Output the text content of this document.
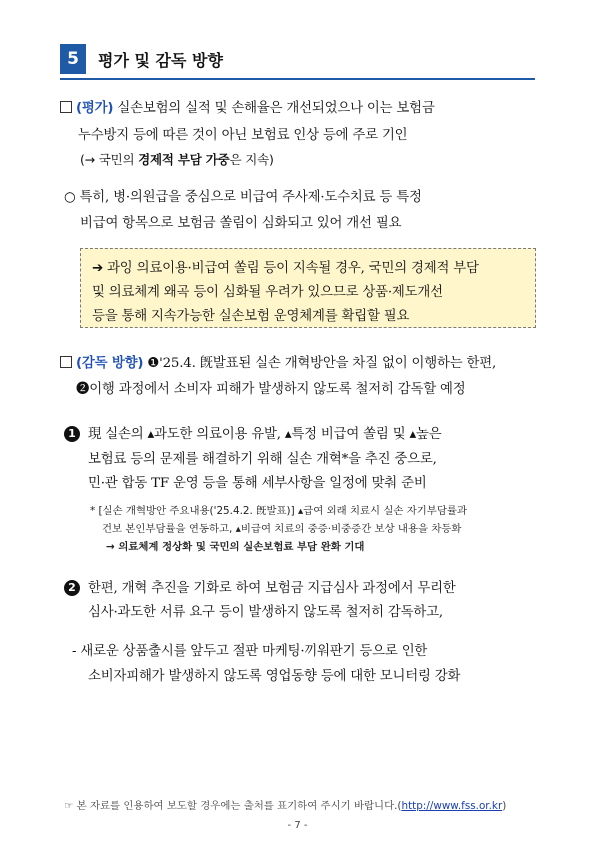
5	평가 및 감독 방향
(평가) 실손보험의 실적 및 손해율은 개선되었으나 이는 보험금
누수방지 등에 따른 것이 아닌 보험료 인상 등에 주로 기인
(→ 국민의 경제적 부담 가중은 지속)
○ 특히, 병·의원급을 중심으로 비급여 주사제·도수치료 등 특정
비급여 항목으로 보험금 쏠림이 심화되고 있어 개선 필요
➔ 과잉 의료이용·비급여 쏠림 등이 지속될 경우, 국민의 경제적 부담
및 의료체계 왜곡 등이 심화될 우려가 있으므로 상품·제도개선
등을 통해 지속가능한 실손보험 운영체계를 확립할 필요
(감독 방향) ❶'25.4. 旣발표된 실손 개혁방안을 차질 없이 이행하는 한편,
❷이행 과정에서 소비자 피해가 발생하지 않도록 철저히 감독할 예정
1 現 실손의 ▴과도한 의료이용 유발, ▴특정 비급여 쏠림 및 ▴높은
보험료 등의 문제를 해결하기 위해 실손 개혁*을 추진 중으로,
민·관 합동 TF 운영 등을 통해 세부사항을 일정에 맞춰 준비
* [실손 개혁방안 주요내용('25.4.2. 旣발표)] ▴급여 외래 치료시 실손 자기부담률과
건보 본인부담률을 연동하고, ▴비급여 치료의 중증·비중증간 보상 내용을 차등화
→ 의료체계 정상화 및 국민의 실손보험료 부담 완화 기대
2 한편, 개혁 추진을 기화로 하여 보험금 지급심사 과정에서 무리한
심사·과도한 서류 요구 등이 발생하지 않도록 철저히 감독하고,
- 새로운 상품출시를 앞두고 절판 마케팅·끼워판기 등으로 인한
소비자피해가 발생하지 않도록 영업동향 등에 대한 모니터링 강화
☞ 본 자료를 인용하여 보도할 경우에는 출처를 표기하여 주시기 바랍니다.(http://www.fss.or.kr)
- 7 -
